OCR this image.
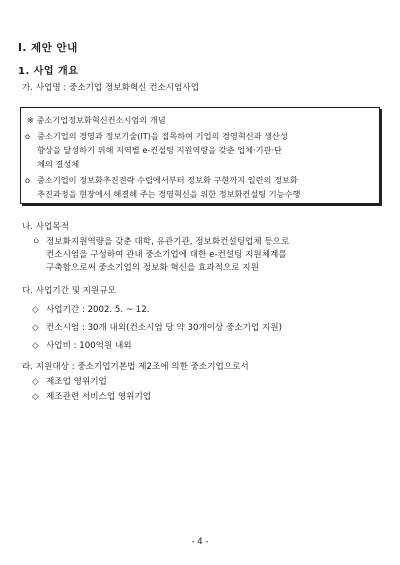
Ⅰ. 제안 안내
1. 사업 개요
가. 사업명 : 중소기업 정보화혁신 컨소시엄사업
※ 중소기업정보화혁신컨소시엄의 개념
o 중소기업의 경영과 정보기술(IT)을 접목하여 기업의 경영혁신과 생산성
향상을 달성하기 위해 지역별 e-컨설팅 지원역량을 갖춘 업체·기관·단
체의 결성체
o 중소기업이 정보화추진전략 수립에서부터 정보화 구현까지 일련의 정보화
추진과정을 현장에서 해결해 주는 경영혁신을 위한 정보화컨설팅 기능수행
나. 사업목적
ㅇ 정보화지원역량을 갖춘 대학, 유관기관, 정보화컨설팅업체 등으로
컨소시엄을 구성하여 관내 중소기업에 대한 e-컨설팅 지원체계를
구축함으로써 중소기업의 정보화 혁신을 효과적으로 지원
다. 사업기간 및 지원규모
◇ 사업기간 : 2002. 5. ~ 12.
◇ 컨소시엄 : 30개 내외(컨소시엄 당 약 30개이상 중소기업 지원)
◇ 사업비 : 100억원 내외
라. 지원대상 : 중소기업기본법 제2조에 의한 중소기업으로서
◇ 제조업 영위기업
◇ 제조관련 서비스업 영위기업
- 4 -
